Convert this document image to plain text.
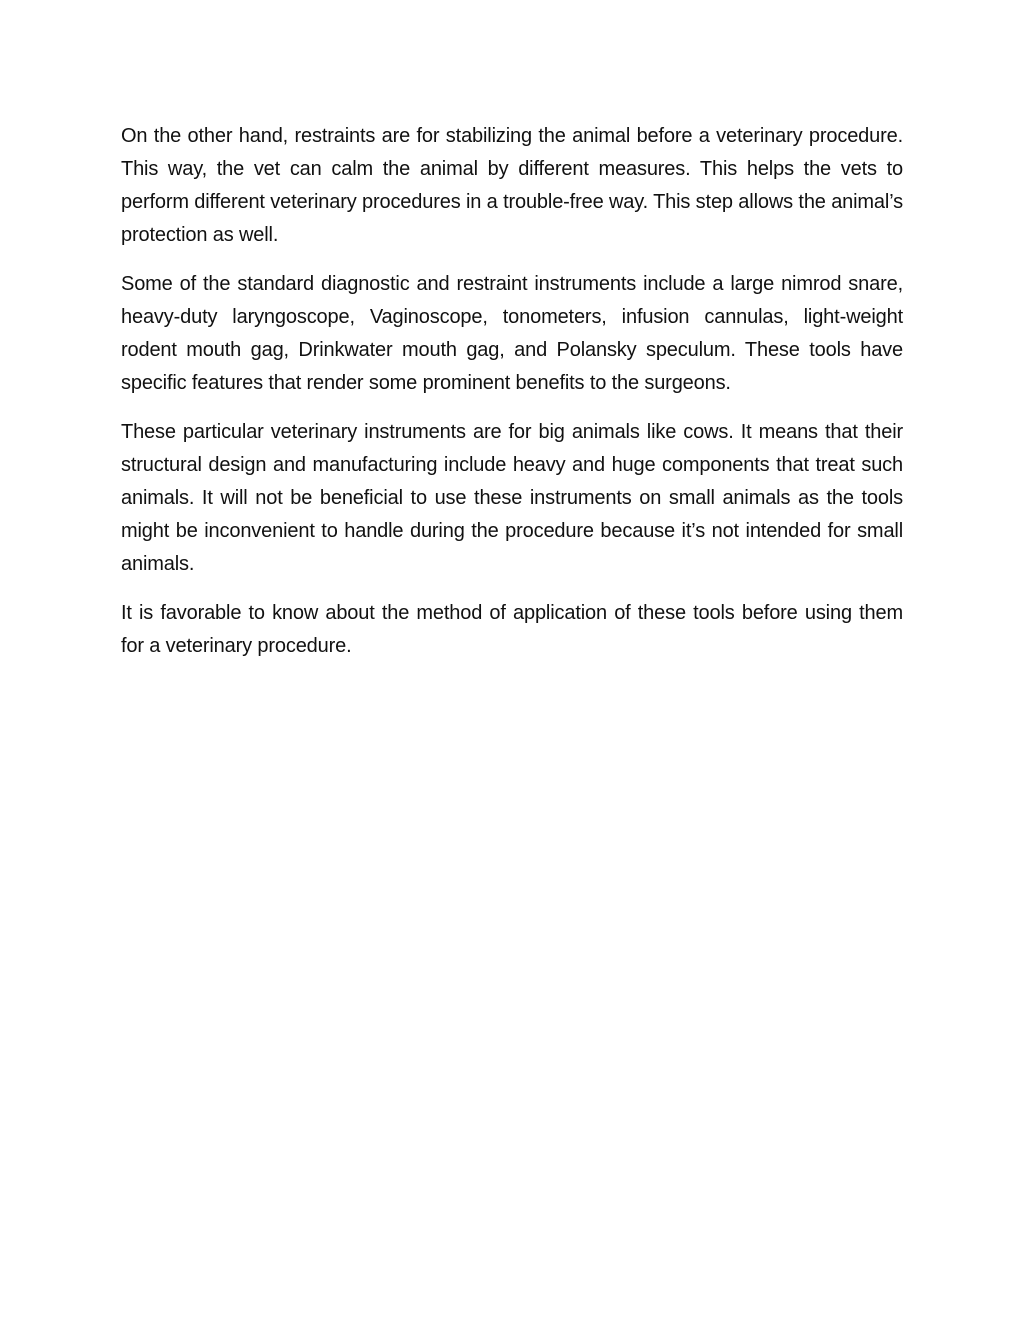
On the other hand, restraints are for stabilizing the animal before a veterinary procedure. This way, the vet can calm the animal by different measures. This helps the vets to perform different veterinary procedures in a trouble-free way. This step allows the animal’s protection as well.

Some of the standard diagnostic and restraint instruments include a large nimrod snare, heavy-duty laryngoscope, Vaginoscope, tonometers, infusion cannulas, light-weight rodent mouth gag, Drinkwater mouth gag, and Polansky speculum. These tools have specific features that render some prominent benefits to the surgeons.

These particular veterinary instruments are for big animals like cows. It means that their structural design and manufacturing include heavy and huge components that treat such animals. It will not be beneficial to use these instruments on small animals as the tools might be inconvenient to handle during the procedure because it’s not intended for small animals.

It is favorable to know about the method of application of these tools before using them for a veterinary procedure.
